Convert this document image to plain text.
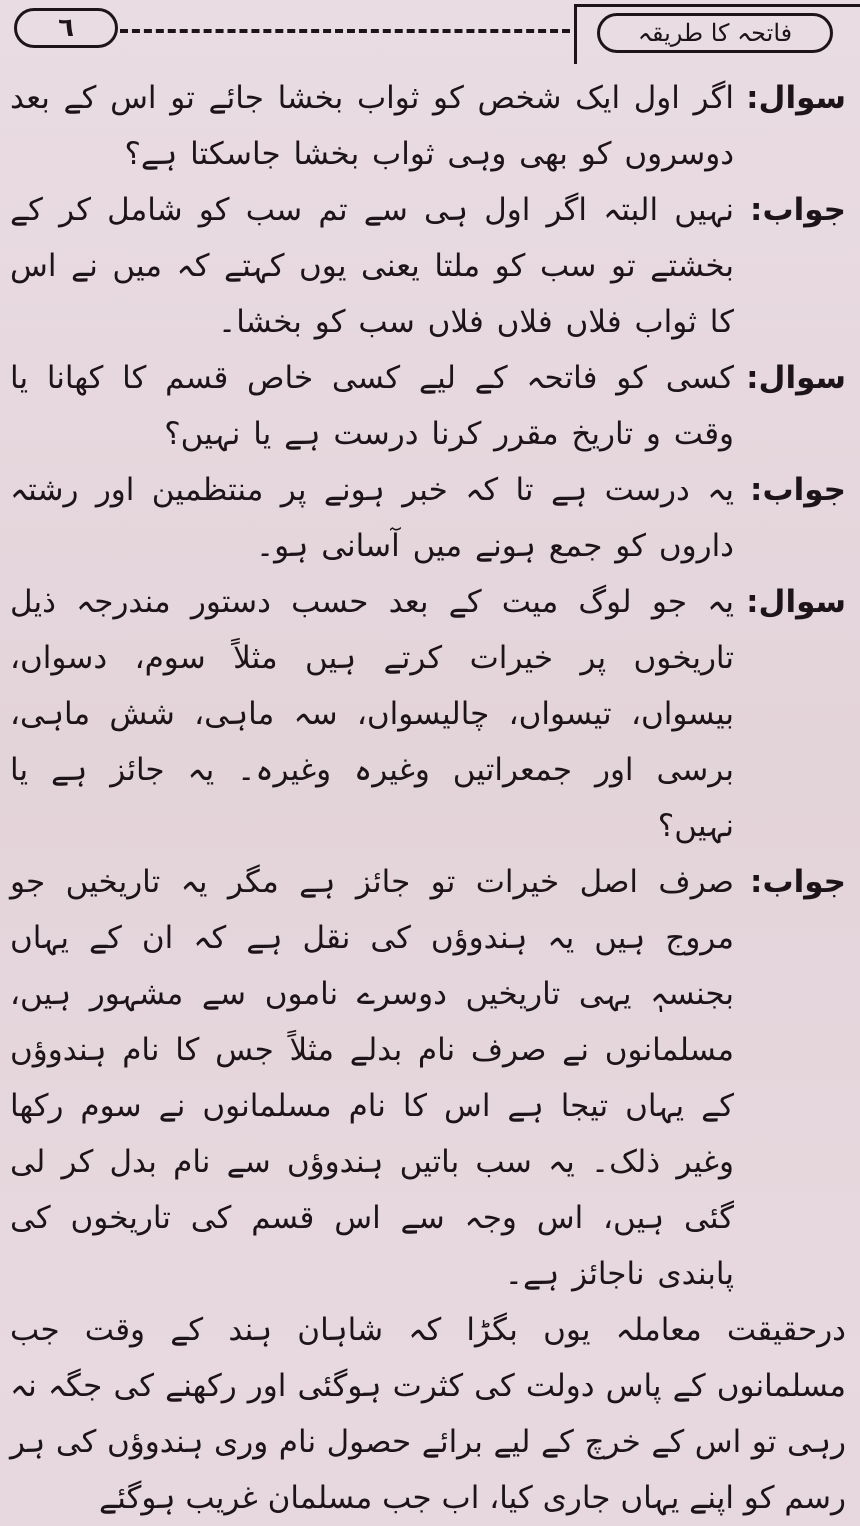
٦	فاتحہ کا طریقہ
سوال:
اگر اول ایک شخص کو ثواب بخشا جائے تو اس کے بعد دوسروں کو بھی وہی ثواب بخشا جاسکتا ہے؟
جواب:
نہیں البتہ اگر اول ہی سے تم سب کو شامل کر کے بخشتے تو سب کو ملتا یعنی یوں کہتے کہ میں نے اس کا ثواب فلاں فلاں فلاں سب کو بخشا۔
سوال:
کسی کو فاتحہ کے لیے کسی خاص قسم کا کھانا یا وقت و تاریخ مقرر کرنا درست ہے یا نہیں؟
جواب:
یہ درست ہے تا کہ خبر ہونے پر منتظمین اور رشتہ داروں کو جمع ہونے میں آسانی ہو۔
سوال:
یہ جو لوگ میت کے بعد حسب دستور مندرجہ ذیل تاریخوں پر خیرات کرتے ہیں مثلاً سوم، دسواں، بیسواں، تیسواں، چالیسواں، سہ ماہی، شش ماہی، برسی اور جمعراتیں وغیرہ وغیرہ۔ یہ جائز ہے یا نہیں؟
جواب:
صرف اصل خیرات تو جائز ہے مگر یہ تاریخیں جو مروج ہیں یہ ہندوؤں کی نقل ہے کہ ان کے یہاں بجنسہٖ یہی تاریخیں دوسرے ناموں سے مشہور ہیں، مسلمانوں نے صرف نام بدلے مثلاً جس کا نام ہندوؤں کے یہاں تیجا ہے اس کا نام مسلمانوں نے سوم رکھا وغیر ذلک۔ یہ سب باتیں ہندوؤں سے نام بدل کر لی گئی ہیں، اس وجہ سے اس قسم کی تاریخوں کی پابندی ناجائز ہے۔
درحقیقت معاملہ یوں بگڑا کہ شاہان ہند کے وقت جب مسلمانوں کے پاس دولت کی کثرت ہوگئی اور رکھنے کی جگہ نہ رہی تو اس کے خرچ کے لیے برائے حصول نام وری ہندوؤں کی ہر رسم کو اپنے یہاں جاری کیا، اب جب مسلمان غریب ہوگئے
